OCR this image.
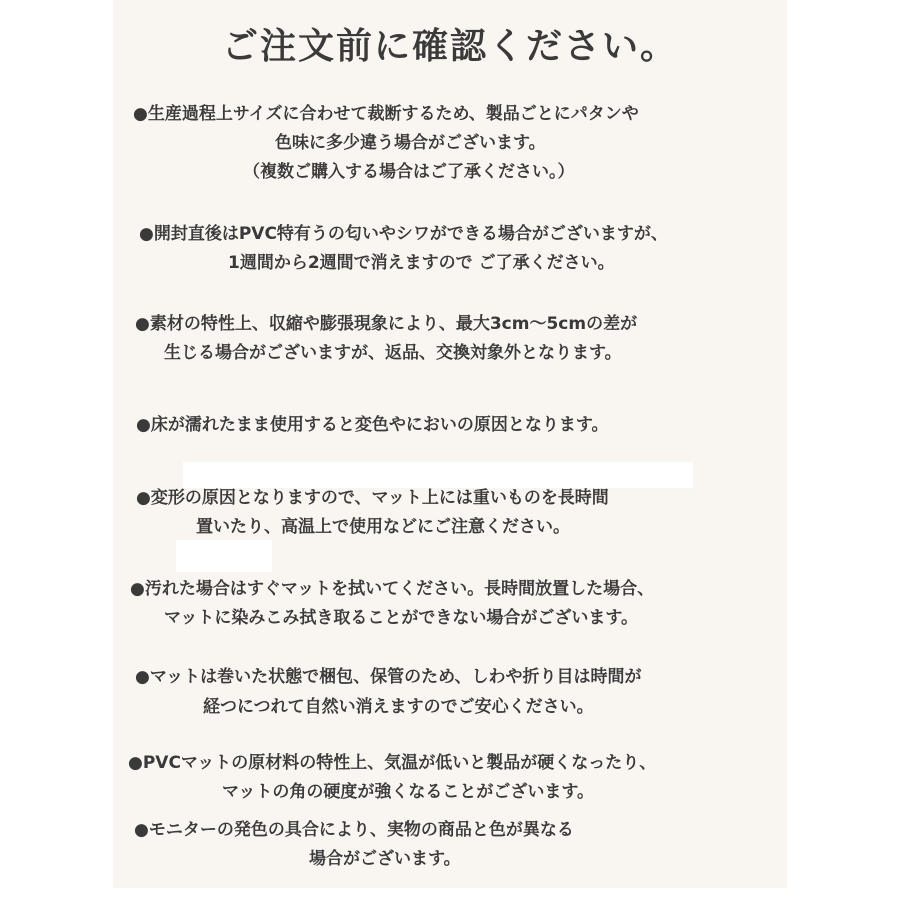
ご注文前に確認ください。
●生産過程上サイズに合わせて裁断するため、製品ごとにパタンや
色味に多少違う場合がございます。
（複数ご購入する場合はご了承ください。）
●開封直後はPVC特有うの匂いやシワができる場合がございますが、
1週間から2週間で消えますので ご了承ください。
●素材の特性上、収縮や膨張現象により、最大3cm〜5cmの差が
生じる場合がございますが、返品、交換対象外となります。
●床が濡れたまま使用すると変色やにおいの原因となります。
●変形の原因となりますので、マット上には重いものを長時間
置いたり、高温上で使用などにご注意ください。
●汚れた場合はすぐマットを拭いてください。長時間放置した場合、
マットに染みこみ拭き取ることができない場合がございます。
●マットは巻いた状態で梱包、保管のため、しわや折り目は時間が
経つにつれて自然い消えますのでご安心ください。
●PVCマットの原材料の特性上、気温が低いと製品が硬くなったり、
マットの角の硬度が強くなることがございます。
●モニターの発色の具合により、実物の商品と色が異なる
場合がございます。
